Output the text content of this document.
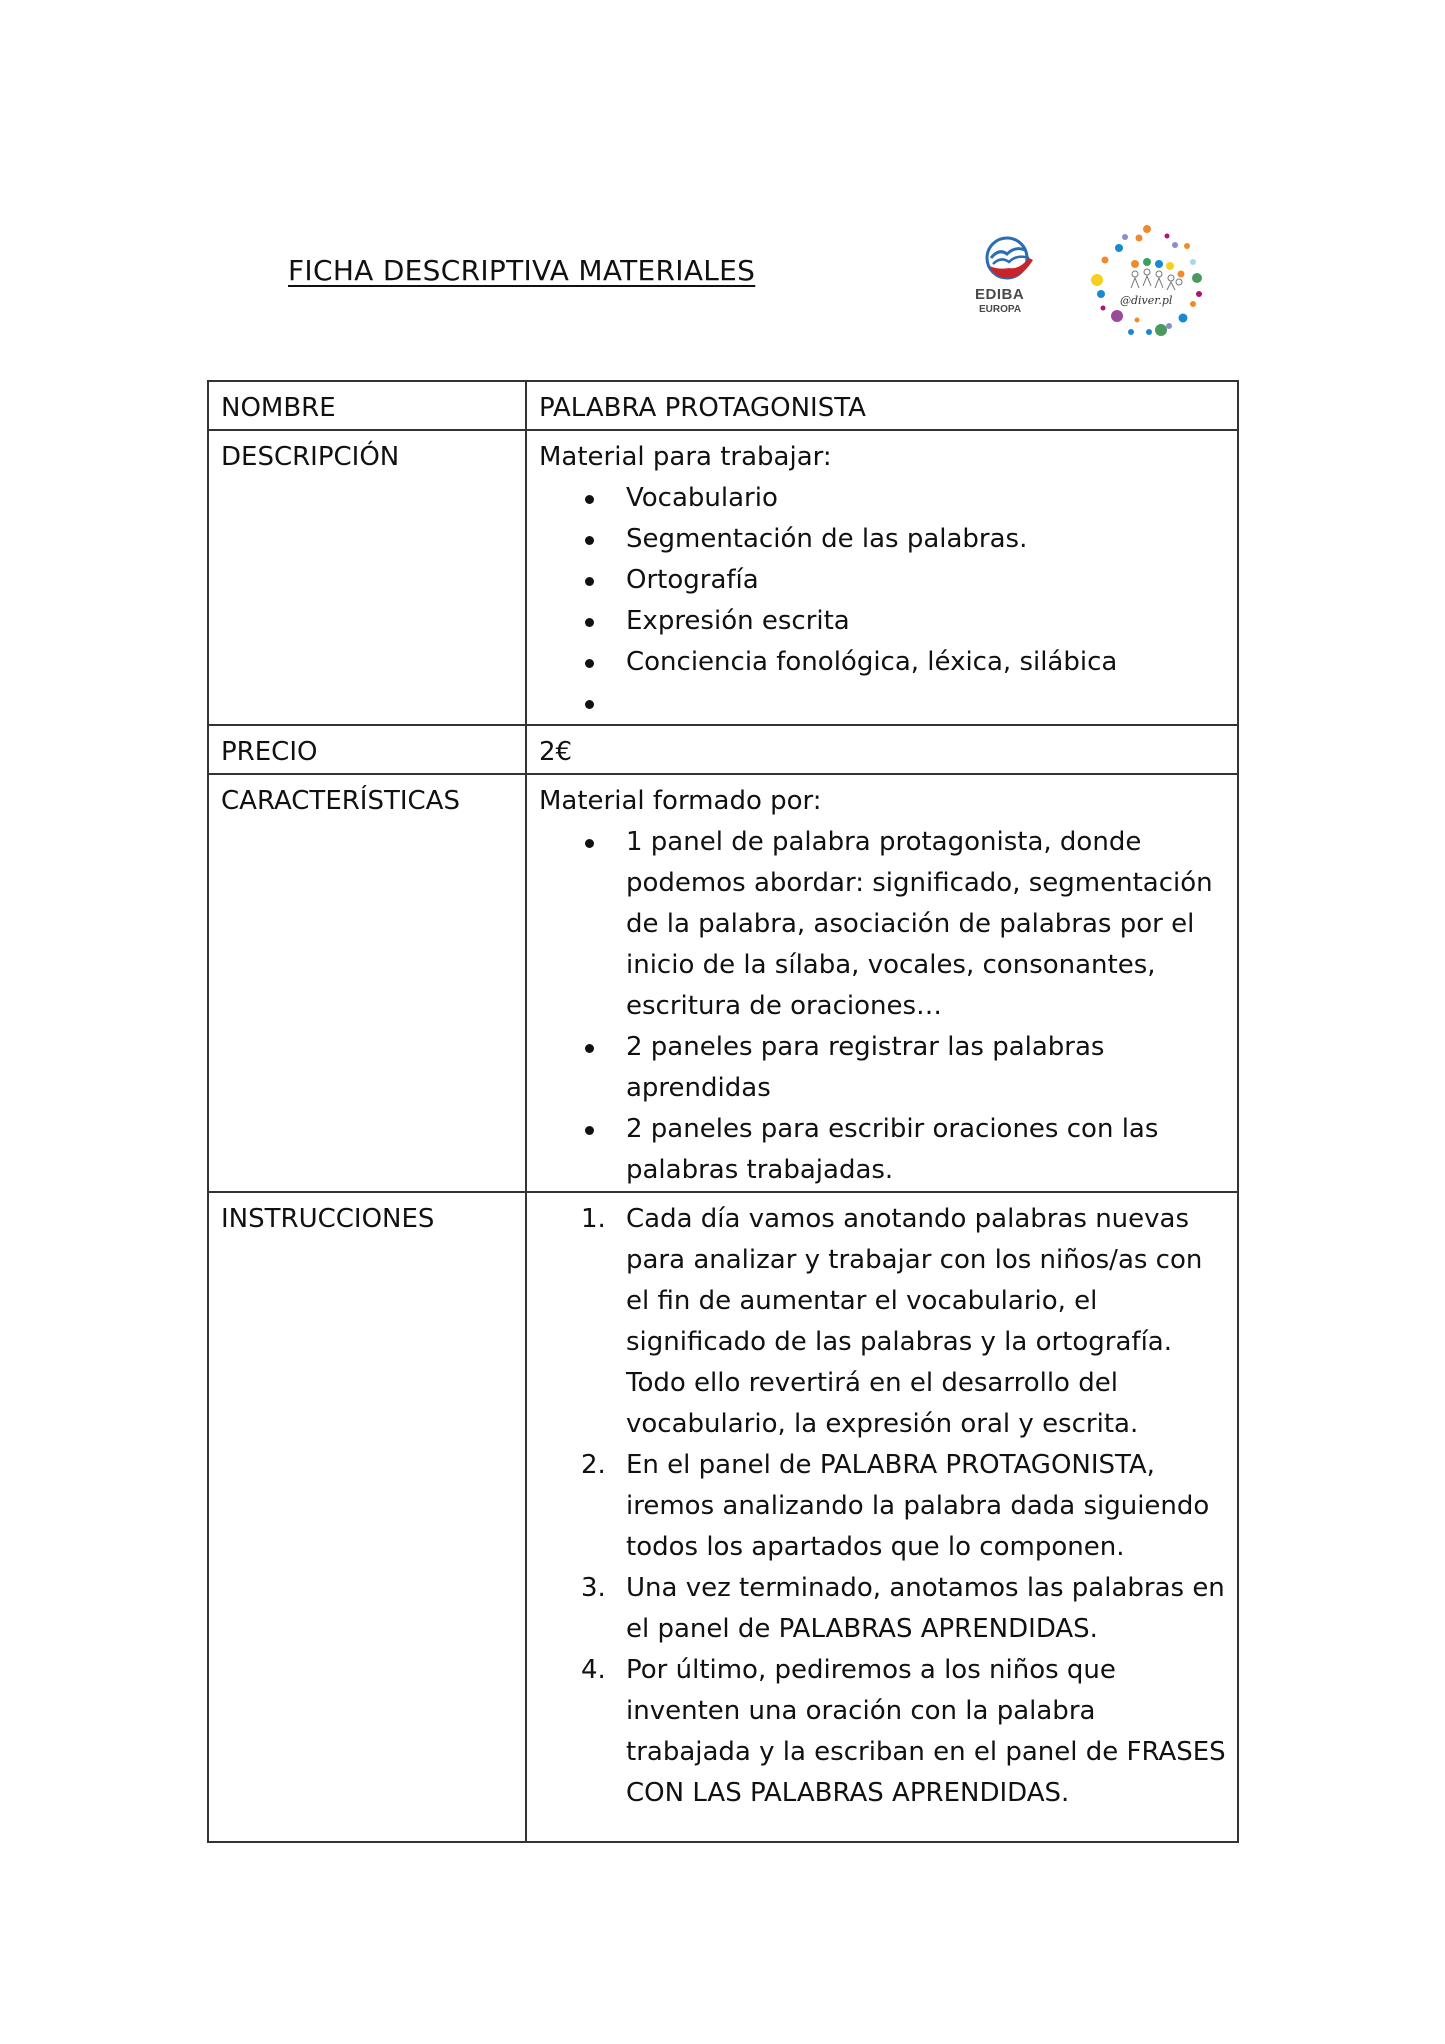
FICHA DESCRIPTIVA MATERIALES
EDIBA
EUROPA
@diver.pl
NOMBRE	PALABRA PROTAGONISTA
DESCRIPCIÓN	Material para trabajar:
Vocabulario
Segmentación de las palabras.
Ortografía
Expresión escrita
Conciencia fonológica, léxica, silábica

PRECIO	2€
CARACTERÍSTICAS	Material formado por:
1 panel de palabra protagonista, donde podemos abordar: significado, segmentación de la palabra, asociación de palabras por el inicio de la sílaba, vocales, consonantes, escritura de oraciones…
2 paneles para registrar las palabras aprendidas
2 paneles para escribir oraciones con las palabras trabajadas.

INSTRUCCIONES	1. Cada día vamos anotando palabras nuevas para analizar y trabajar con los niños/as con el fin de aumentar el vocabulario, el significado de las palabras y la ortografía. Todo ello revertirá en el desarrollo del vocabulario, la expresión oral y escrita.
2. En el panel de PALABRA PROTAGONISTA, iremos analizando la palabra dada siguiendo todos los apartados que lo componen.
3. Una vez terminado, anotamos las palabras en el panel de PALABRAS APRENDIDAS.
4. Por último, pediremos a los niños que inventen una oración con la palabra trabajada y la escriban en el panel de FRASES CON LAS PALABRAS APRENDIDAS.
